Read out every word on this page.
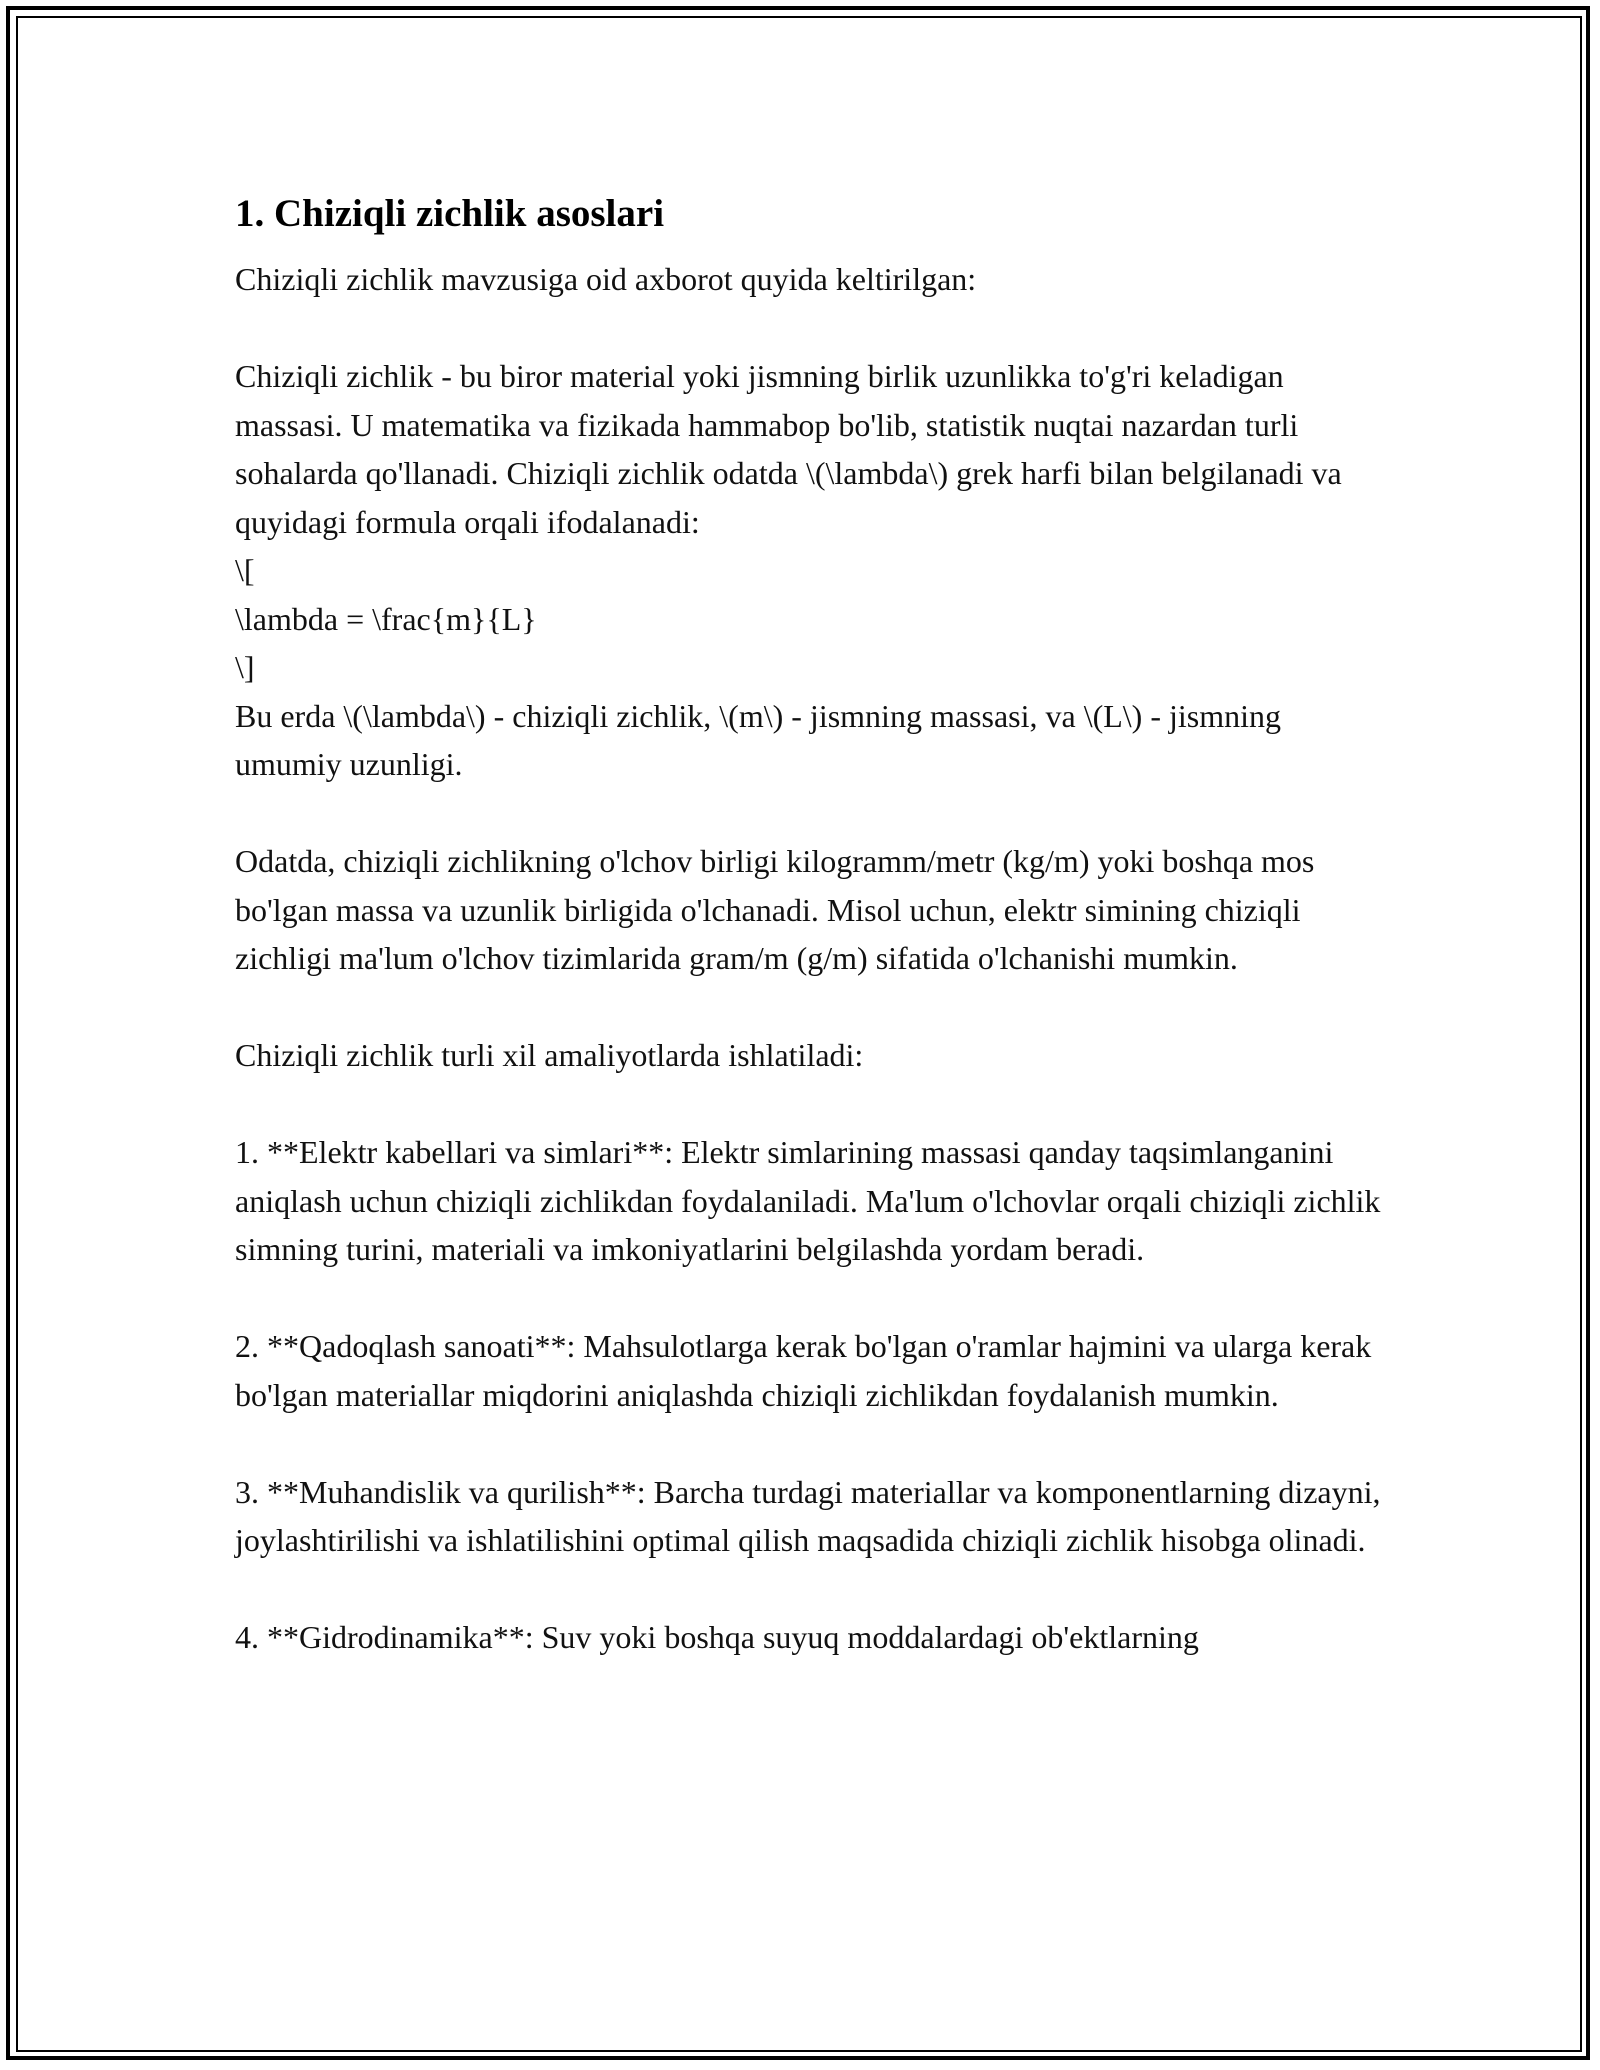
1. Chiziqli zichlik asoslari

Chiziqli zichlik mavzusiga oid axborot quyida keltirilgan:

Chiziqli zichlik - bu biror material yoki jismning birlik uzunlikka to'g'ri keladigan massasi. U matematika va fizikada hammabop bo'lib, statistik nuqtai nazardan turli sohalarda qo'llanadi. Chiziqli zichlik odatda \(\lambda\) grek harfi bilan belgilanadi va quyidagi formula orqali ifodalanadi:
\[
\lambda = \frac{m}{L}
\]
Bu erda \(\lambda\) - chiziqli zichlik, \(m\) - jismning massasi, va \(L\) - jismning umumiy uzunligi.

Odatda, chiziqli zichlikning o'lchov birligi kilogramm/metr (kg/m) yoki boshqa mos bo'lgan massa va uzunlik birligida o'lchanadi. Misol uchun, elektr simining chiziqli zichligi ma'lum o'lchov tizimlarida gram/m (g/m) sifatida o'lchanishi mumkin.

Chiziqli zichlik turli xil amaliyotlarda ishlatiladi:

1. **Elektr kabellari va simlari**: Elektr simlarining massasi qanday taqsimlanganini aniqlash uchun chiziqli zichlikdan foydalaniladi. Ma'lum o'lchovlar orqali chiziqli zichlik simning turini, materiali va imkoniyatlarini belgilashda yordam beradi.

2. **Qadoqlash sanoati**: Mahsulotlarga kerak bo'lgan o'ramlar hajmini va ularga kerak bo'lgan materiallar miqdorini aniqlashda chiziqli zichlikdan foydalanish mumkin.

3. **Muhandislik va qurilish**: Barcha turdagi materiallar va komponentlarning dizayni, joylashtirilishi va ishlatilishini optimal qilish maqsadida chiziqli zichlik hisobga olinadi.

4. **Gidrodinamika**: Suv yoki boshqa suyuq moddalardagi ob'ektlarning
